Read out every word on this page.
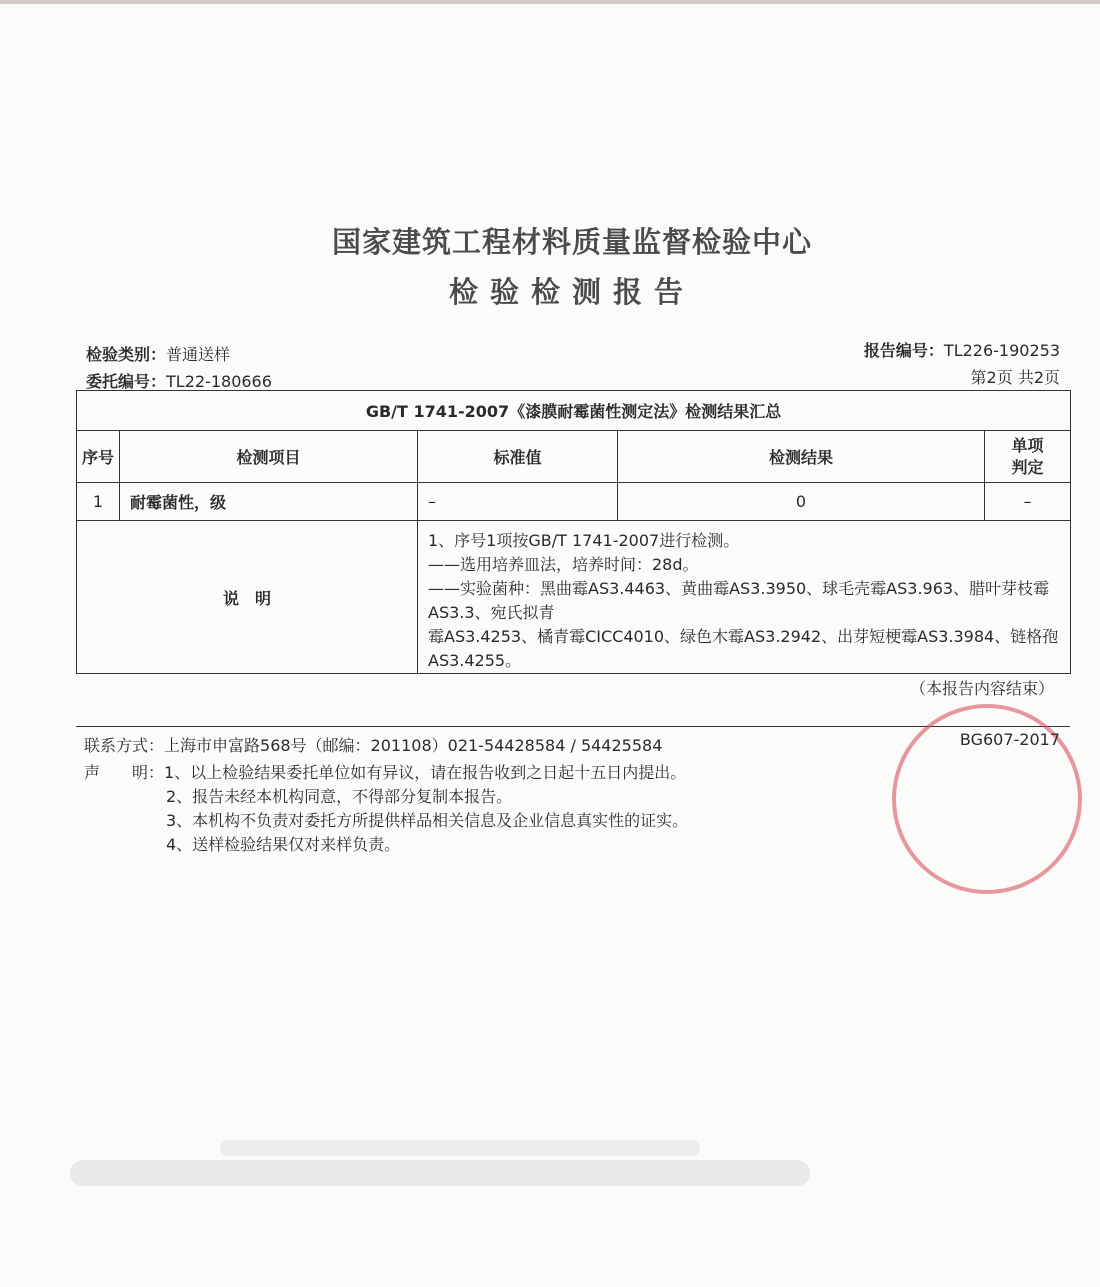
国家建筑工程材料质量监督检验中心
检验检测报告
检验类别：普通送样
委托编号：TL22-180666
报告编号：TL226-190253
第2页 共2页
GB/T 1741-2007《漆膜耐霉菌性测定法》检测结果汇总				
序号	检测项目	标准值	检测结果	单项
判定
1	耐霉菌性，级	–	0	–
说　明		1、序号1项按GB/T 1741-2007进行检测。
——选用培养皿法，培养时间：28d。
——实验菌种：黑曲霉AS3.4463、黄曲霉AS3.3950、球毛壳霉AS3.963、腊叶芽枝霉AS3.3、宛氏拟青
霉AS3.4253、橘青霉CICC4010、绿色木霉AS3.2942、出芽短梗霉AS3.3984、链格孢AS3.4255。		
（本报告内容结束）
BG607-2017
联系方式：上海市申富路568号（邮编：201108）021-54428584 / 54425584
声　　明：1、以上检验结果委托单位如有异议，请在报告收到之日起十五日内提出。
2、报告未经本机构同意，不得部分复制本报告。
3、本机构不负责对委托方所提供样品相关信息及企业信息真实性的证实。
4、送样检验结果仅对来样负责。
